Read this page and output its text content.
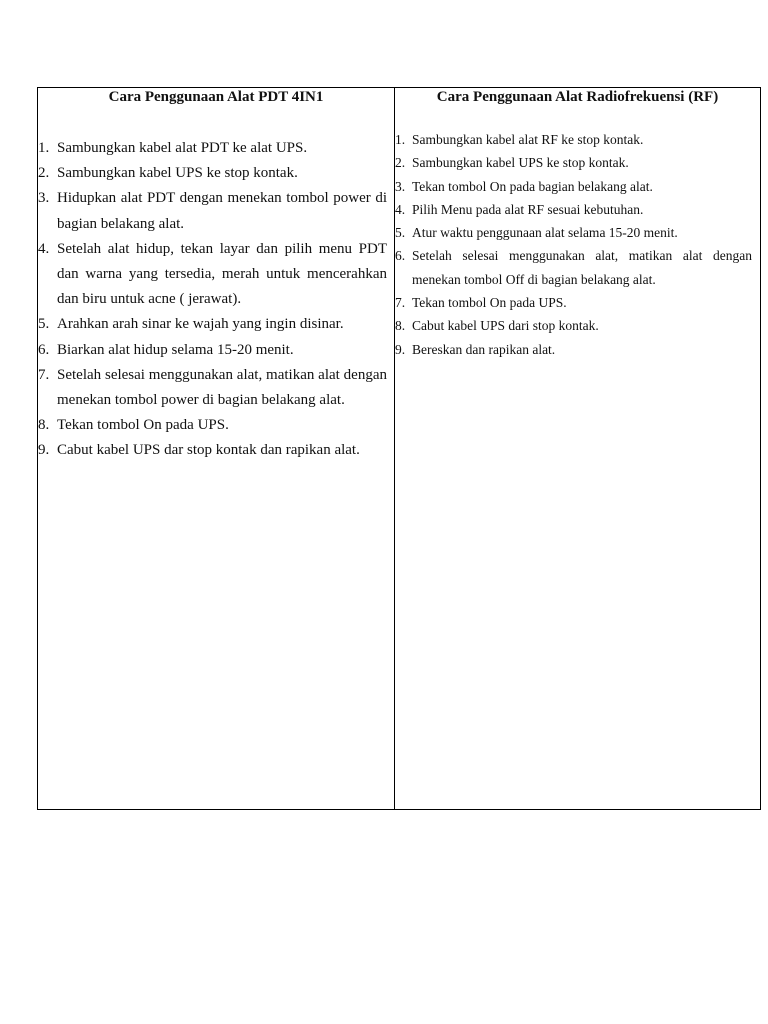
Cara Penggunaan Alat PDT 4IN1
1. Sambungkan kabel alat PDT ke alat UPS.
2. Sambungkan kabel UPS ke stop kontak.
3. Hidupkan alat PDT dengan menekan tombol power di bagian belakang alat.
4. Setelah alat hidup, tekan layar dan pilih menu PDT dan warna yang tersedia, merah untuk mencerahkan dan biru untuk acne ( jerawat).
5. Arahkan arah sinar ke wajah yang ingin disinar.
6. Biarkan alat hidup selama 15-20 menit.
7. Setelah selesai menggunakan alat, matikan alat dengan menekan tombol power di bagian belakang alat.
8. Tekan tombol On pada UPS.
9. Cabut kabel UPS dar stop kontak dan rapikan alat.
Cara Penggunaan Alat Radiofrekuensi (RF)
1. Sambungkan kabel alat RF ke stop kontak.
2. Sambungkan kabel UPS ke stop kontak.
3. Tekan tombol On pada bagian belakang alat.
4. Pilih Menu pada alat RF sesuai kebutuhan.
5. Atur waktu penggunaan alat selama 15-20 menit.
6. Setelah selesai menggunakan alat, matikan alat dengan menekan tombol Off di bagian belakang alat.
7. Tekan tombol On pada UPS.
8. Cabut kabel UPS dari stop kontak.
9. Bereskan dan rapikan alat.
